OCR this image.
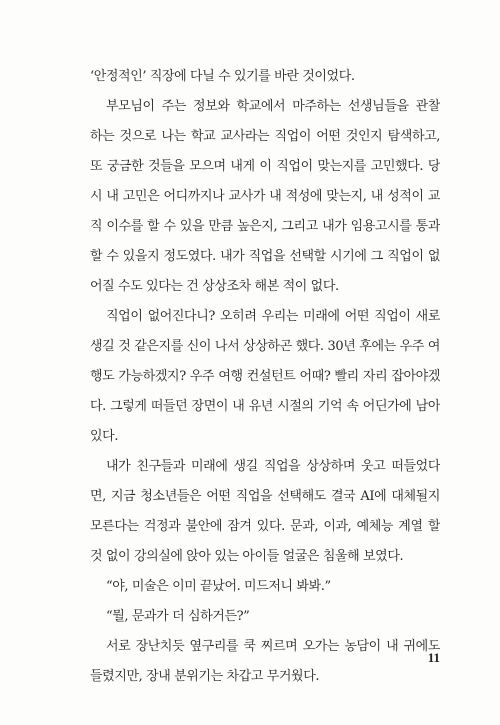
‘안정적인’ 직장에 다닐 수 있기를 바란 것이었다.
부모님이 주는 정보와 학교에서 마주하는 선생님들을 관찰
하는 것으로 나는 학교 교사라는 직업이 어떤 것인지 탐색하고,
또 궁금한 것들을 모으며 내게 이 직업이 맞는지를 고민했다. 당
시 내 고민은 어디까지나 교사가 내 적성에 맞는지, 내 성적이 교
직 이수를 할 수 있을 만큼 높은지, 그리고 내가 임용고시를 통과
할 수 있을지 정도였다. 내가 직업을 선택할 시기에 그 직업이 없
어질 수도 있다는 건 상상조차 해본 적이 없다.
직업이 없어진다니? 오히려 우리는 미래에 어떤 직업이 새로
생길 것 같은지를 신이 나서 상상하곤 했다. 30년 후에는 우주 여
행도 가능하겠지? 우주 여행 컨설턴트 어때? 빨리 자리 잡아야겠
다. 그렇게 떠들던 장면이 내 유년 시절의 기억 속 어딘가에 남아
있다.
내가 친구들과 미래에 생길 직업을 상상하며 웃고 떠들었다
면, 지금 청소년들은 어떤 직업을 선택해도 결국 AI에 대체될지
모른다는 걱정과 불안에 잠겨 있다. 문과, 이과, 예체능 계열 할
것 없이 강의실에 앉아 있는 아이들 얼굴은 침울해 보였다.
“야, 미술은 이미 끝났어. 미드저니 봐봐.”
“뭘, 문과가 더 심하거든?”
서로 장난치듯 옆구리를 쿡 찌르며 오가는 농담이 내 귀에도
들렸지만, 장내 분위기는 차갑고 무거웠다.
11
